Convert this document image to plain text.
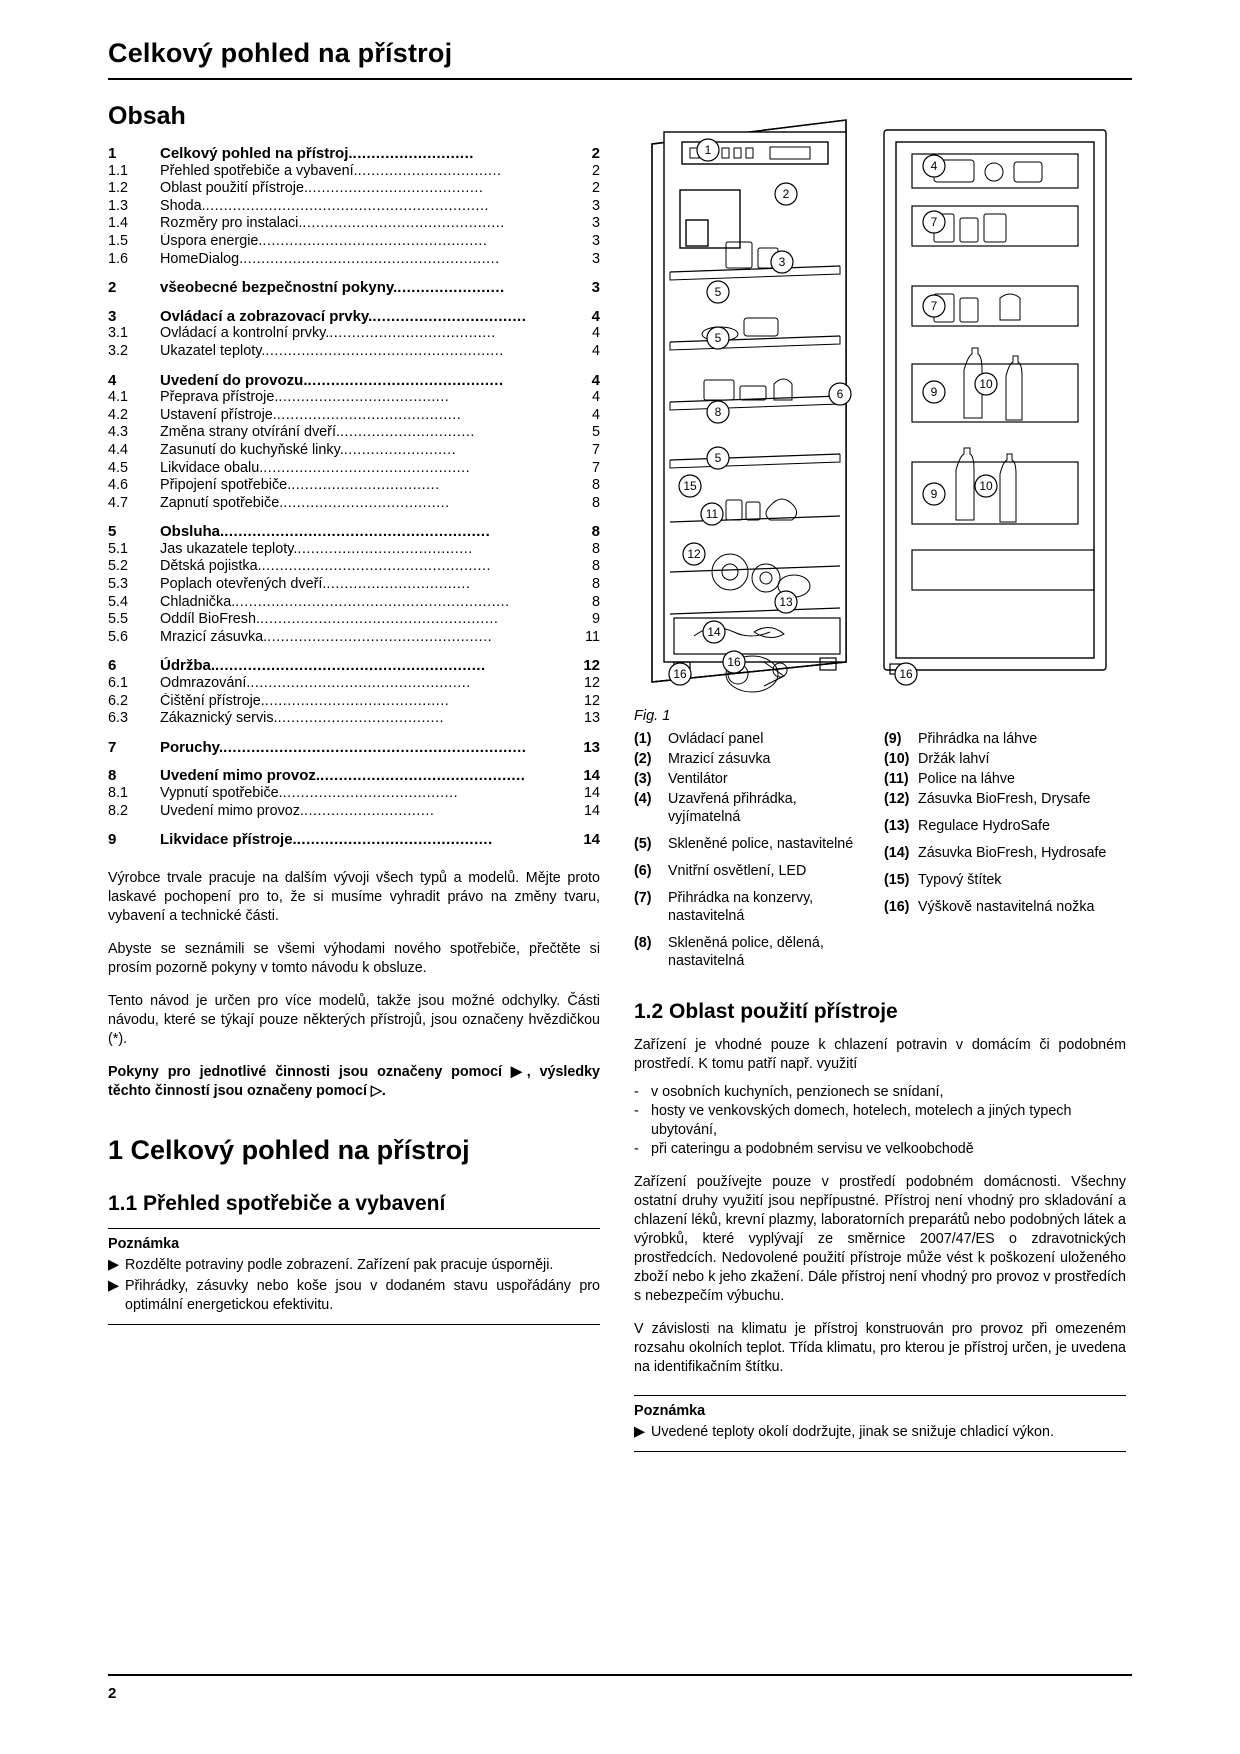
Celkový pohled na přístroj
Obsah
1	Celkový pohled na přístroj...........................	2
1.1	Přehled spotřebiče a vybavení.................................	2
1.2	Oblast použití přístroje........................................	2
1.3	Shoda................................................................	3
1.4	Rozměry pro instalaci..............................................	3
1.5	Úspora energie...................................................	3
1.6	HomeDialog..........................................................	3
2	všeobecné bezpečnostní pokyny........................	3
3	Ovládací a zobrazovací prvky..................................	4
3.1	Ovládací a kontrolní prvky......................................	4
3.2	Ukazatel teploty......................................................	4
4	Uvedení do provozu...........................................	4
4.1	Přeprava přístroje.......................................	4
4.2	Ustavení přístroje..........................................	4
4.3	Změna strany otvírání dveří...............................	5
4.4	Zasunutí do kuchyňské linky..........................	7
4.5	Likvidace obalu...............................................	7
4.6	Připojení spotřebiče..................................	8
4.7	Zapnutí spotřebiče......................................	8
5	Obsluha..........................................................	8
5.1	Jas ukazatele teploty........................................	8
5.2	Dětská pojistka....................................................	8
5.3	Poplach otevřených dveří.................................	8
5.4	Chladnička..............................................................	8
5.5	Oddíl BioFresh......................................................	9
5.6	Mrazicí zásuvka...................................................	11
6	Údržba...........................................................	12
6.1	Odmrazování..................................................	12
6.2	Čištění přístroje..........................................	12
6.3	Zákaznický servis......................................	13
7	Poruchy..................................................................	13
8	Uvedení mimo provoz.............................................	14
8.1	Vypnutí spotřebiče........................................	14
8.2	Uvedení mimo provoz..............................	14
9	Likvidace přístroje...........................................	14

Výrobce trvale pracuje na dalším vývoji všech typů a modelů. Mějte proto laskavé pochopení pro to, že si musíme vyhradit právo na změny tvaru, vybavení a technické části.

Abyste se seznámili se všemi výhodami nového spotřebiče, přečtěte si prosím pozorně pokyny v tomto návodu k obsluze.

Tento návod je určen pro více modelů, takže jsou možné odchylky. Části návodu, které se týkají pouze některých přístrojů, jsou označeny hvězdičkou (*).

Pokyny pro jednotlivé činnosti jsou označeny pomocí ▶, výsledky těchto činností jsou označeny pomocí ▷.

1 Celkový pohled na přístroj
1.1 Přehled spotřebiče a vybavení
Poznámka
▶ Rozdělte potraviny podle zobrazení. Zařízení pak pracuje úsporněji.
▶ Přihrádky, zásuvky nebo koše jsou v dodaném stavu uspořádány pro optimální energetickou efektivitu.
1
2
3
5
5
8
5
6
15
11
12
14
13
16
16	16
4
7
7
9
9
10
10
Fig. 1
(1)	Ovládací panel
(2)	Mrazicí zásuvka
(3)	Ventilátor
(4)	Uzavřená přihrádka, vyjímatelná
(5)	Skleněné police, nastavitelné
(6)	Vnitřní osvětlení, LED
(7)	Přihrádka na konzervy, nastavitelná
(8)	Skleněná police, dělená, nastavitelná
(9)	Přihrádka na láhve
(10) Držák lahví
(11) Police na láhve
(12) Zásuvka BioFresh, Drysafe
(13) Regulace HydroSafe
(14) Zásuvka BioFresh, Hydrosafe
(15) Typový štítek
(16) Výškově nastavitelná nožka
1.2 Oblast použití přístroje

Zařízení je vhodné pouze k chlazení potravin v domácím či podobném prostředí. K tomu patří např. využití

- v osobních kuchyních, penzionech se snídaní,
- hosty ve venkovských domech, hotelech, motelech a jiných typech ubytování,
- při cateringu a podobném servisu ve velkoobchodě

Zařízení používejte pouze v prostředí podobném domácnosti. Všechny ostatní druhy využití jsou nepřípustné. Přístroj není vhodný pro skladování a chlazení léků, krevní plazmy, laboratorních preparátů nebo podobných látek a výrobků, které vyplývají ze směrnice 2007/47/ES o zdravotnických prostředcích. Nedovolené použití přístroje může vést k poškození uloženého zboží nebo k jeho zkažení. Dále přístroj není vhodný pro provoz v prostředích s nebezpečím výbuchu.

V závislosti na klimatu je přístroj konstruován pro provoz při omezeném rozsahu okolních teplot. Třída klimatu, pro kterou je přístroj určen, je uvedena na identifikačním štítku.

Poznámka
▶ Uvedené teploty okolí dodržujte, jinak se snižuje chladicí výkon.
2
